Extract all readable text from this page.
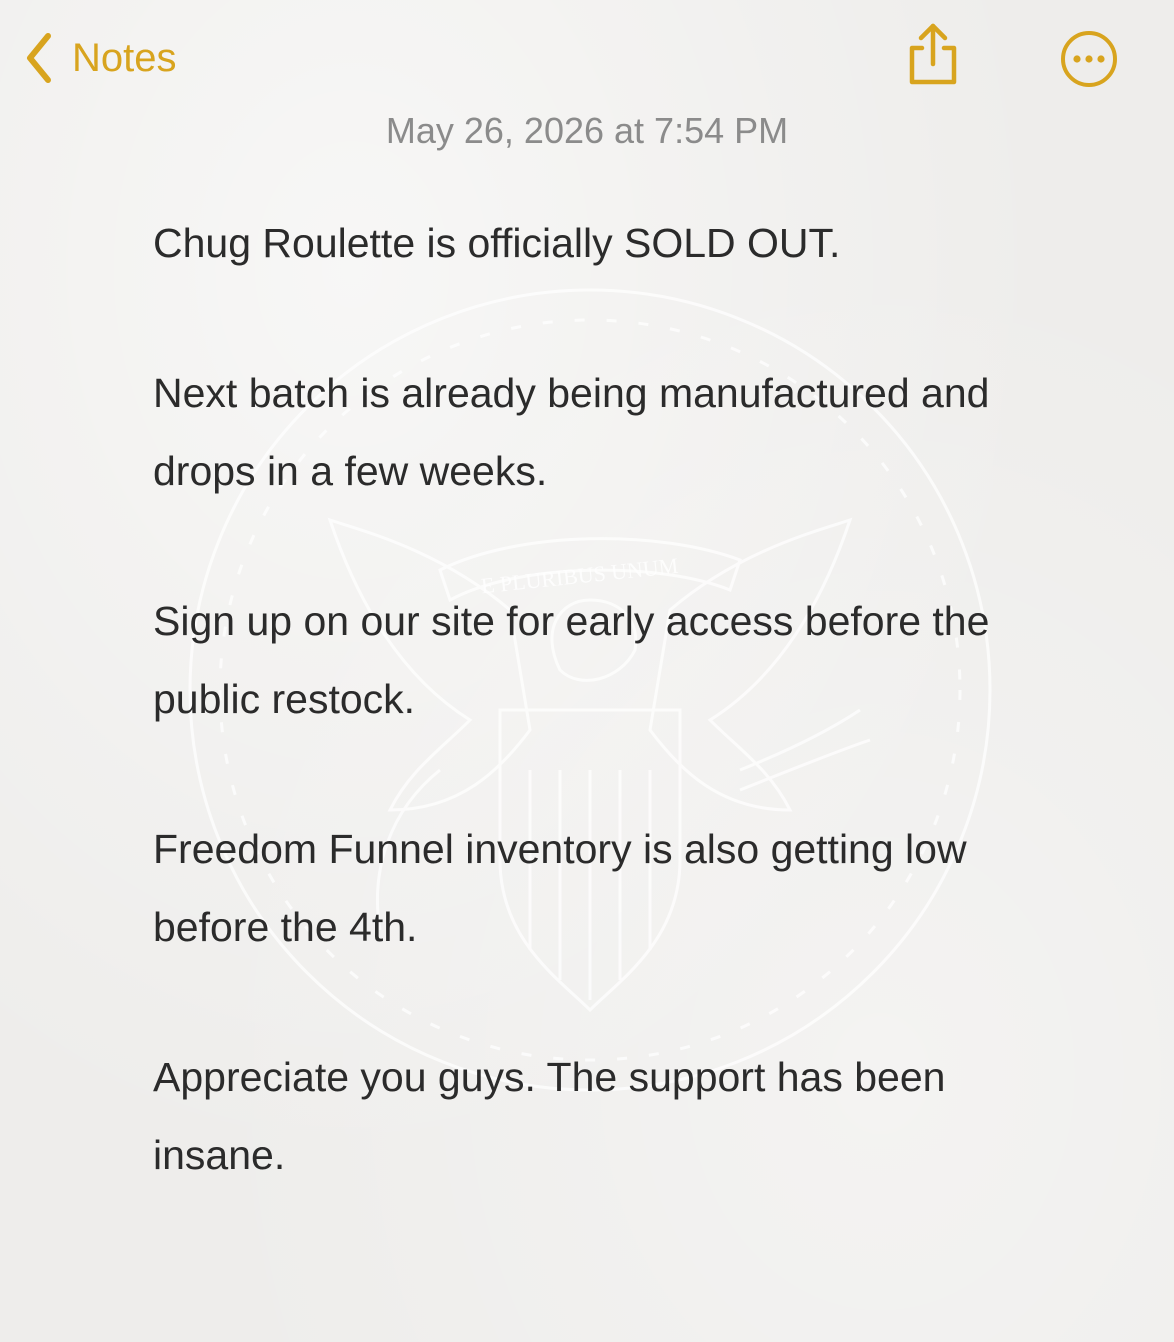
E PLURIBUS UNUM
Notes
May 26, 2026 at 7:54 PM

Chug Roulette is officially SOLD OUT.

Next batch is already being manufactured and drops in a few weeks.

Sign up on our site for early access before the public restock.

Freedom Funnel inventory is also getting low before the 4th.

Appreciate you guys. The support has been insane.
